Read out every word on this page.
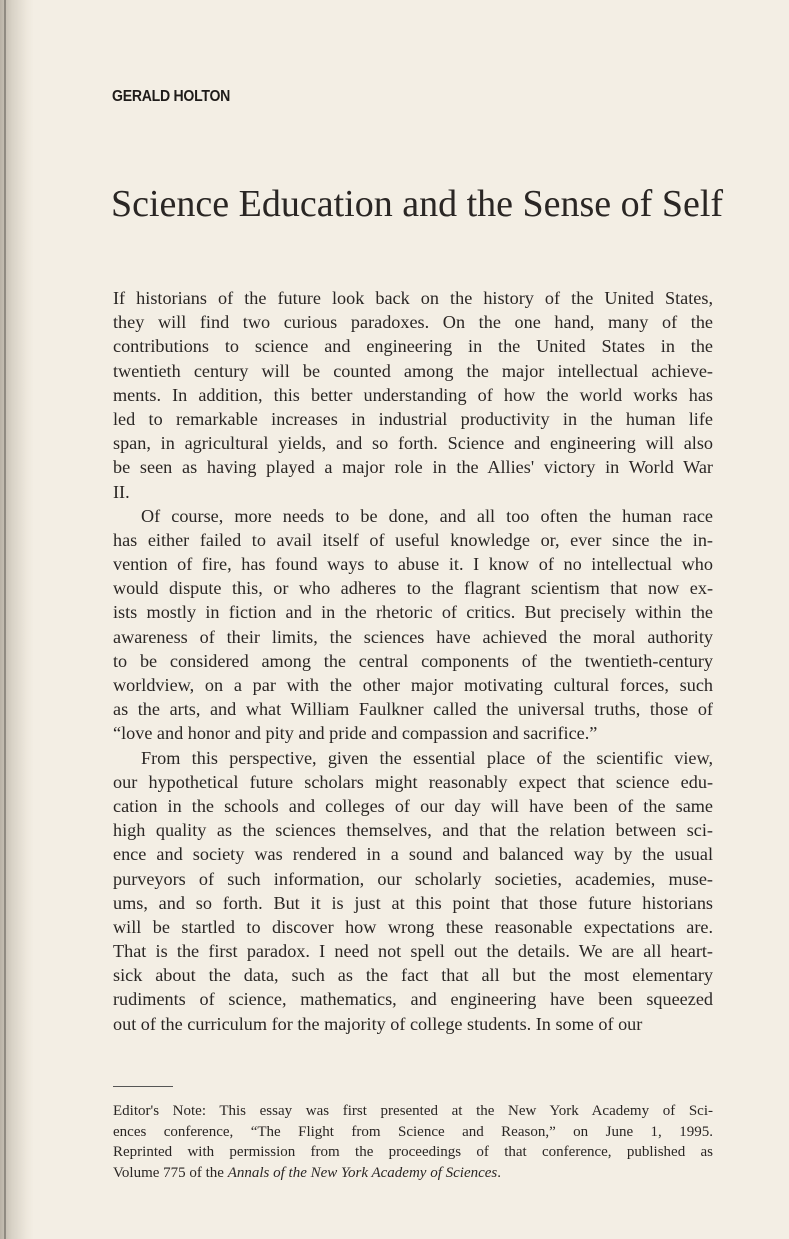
GERALD HOLTON
Science Education and the Sense of Self
If historians of the future look back on the history of the United States,
they will find two curious paradoxes. On the one hand, many of the
contributions to science and engineering in the United States in the
twentieth century will be counted among the major intellectual achieve-
ments. In addition, this better understanding of how the world works has
led to remarkable increases in industrial productivity in the human life
span, in agricultural yields, and so forth. Science and engineering will also
be seen as having played a major role in the Allies' victory in World War
II.
Of course, more needs to be done, and all too often the human race
has either failed to avail itself of useful knowledge or, ever since the in-
vention of fire, has found ways to abuse it. I know of no intellectual who
would dispute this, or who adheres to the flagrant scientism that now ex-
ists mostly in fiction and in the rhetoric of critics. But precisely within the
awareness of their limits, the sciences have achieved the moral authority
to be considered among the central components of the twentieth-century
worldview, on a par with the other major motivating cultural forces, such
as the arts, and what William Faulkner called the universal truths, those of
“love and honor and pity and pride and compassion and sacrifice.”
From this perspective, given the essential place of the scientific view,
our hypothetical future scholars might reasonably expect that science edu-
cation in the schools and colleges of our day will have been of the same
high quality as the sciences themselves, and that the relation between sci-
ence and society was rendered in a sound and balanced way by the usual
purveyors of such information, our scholarly societies, academies, muse-
ums, and so forth. But it is just at this point that those future historians
will be startled to discover how wrong these reasonable expectations are.
That is the first paradox. I need not spell out the details. We are all heart-
sick about the data, such as the fact that all but the most elementary
rudiments of science, mathematics, and engineering have been squeezed
out of the curriculum for the majority of college students. In some of our
Editor's Note: This essay was first presented at the New York Academy of Sci-
ences conference, “The Flight from Science and Reason,” on June 1, 1995.
Reprinted with permission from the proceedings of that conference, published as
Volume 775 of the Annals of the New York Academy of Sciences.
